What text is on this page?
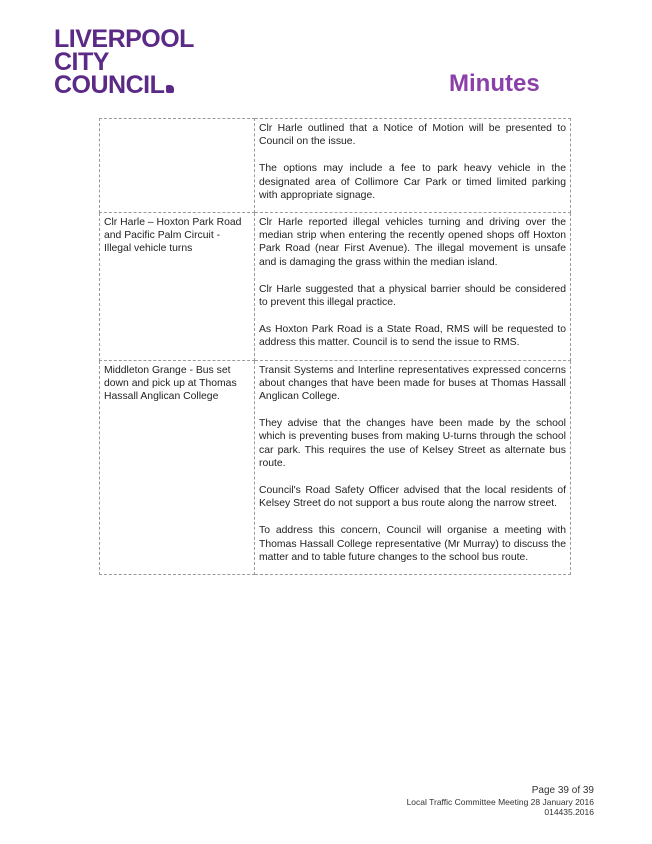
LIVERPOOL
CITY
COUNCIL	Minutes

	Clr Harle outlined that a Notice of Motion will be presented to Council on the issue.

The options may include a fee to park heavy vehicle in the designated area of Collimore Car Park or timed limited parking with appropriate signage.

Clr Harle – Hoxton Park Road and Pacific Palm Circuit - Illegal vehicle turns	Clr Harle reported illegal vehicles turning and driving over the median strip when entering the recently opened shops off Hoxton Park Road (near First Avenue). The illegal movement is unsafe and is damaging the grass within the median island.

Clr Harle suggested that a physical barrier should be considered to prevent this illegal practice.

As Hoxton Park Road is a State Road, RMS will be requested to address this matter. Council is to send the issue to RMS.

Middleton Grange - Bus set down and pick up at Thomas Hassall Anglican College	Transit Systems and Interline representatives expressed concerns about changes that have been made for buses at Thomas Hassall Anglican College.

They advise that the changes have been made by the school which is preventing buses from making U-turns through the school car park. This requires the use of Kelsey Street as alternate bus route.

Council's Road Safety Officer advised that the local residents of Kelsey Street do not support a bus route along the narrow street.

To address this concern, Council will organise a meeting with Thomas Hassall College representative (Mr Murray) to discuss the matter and to table future changes to the school bus route.

Page 39 of 39
Local Traffic Committee Meeting 28 January 2016
014435.2016
